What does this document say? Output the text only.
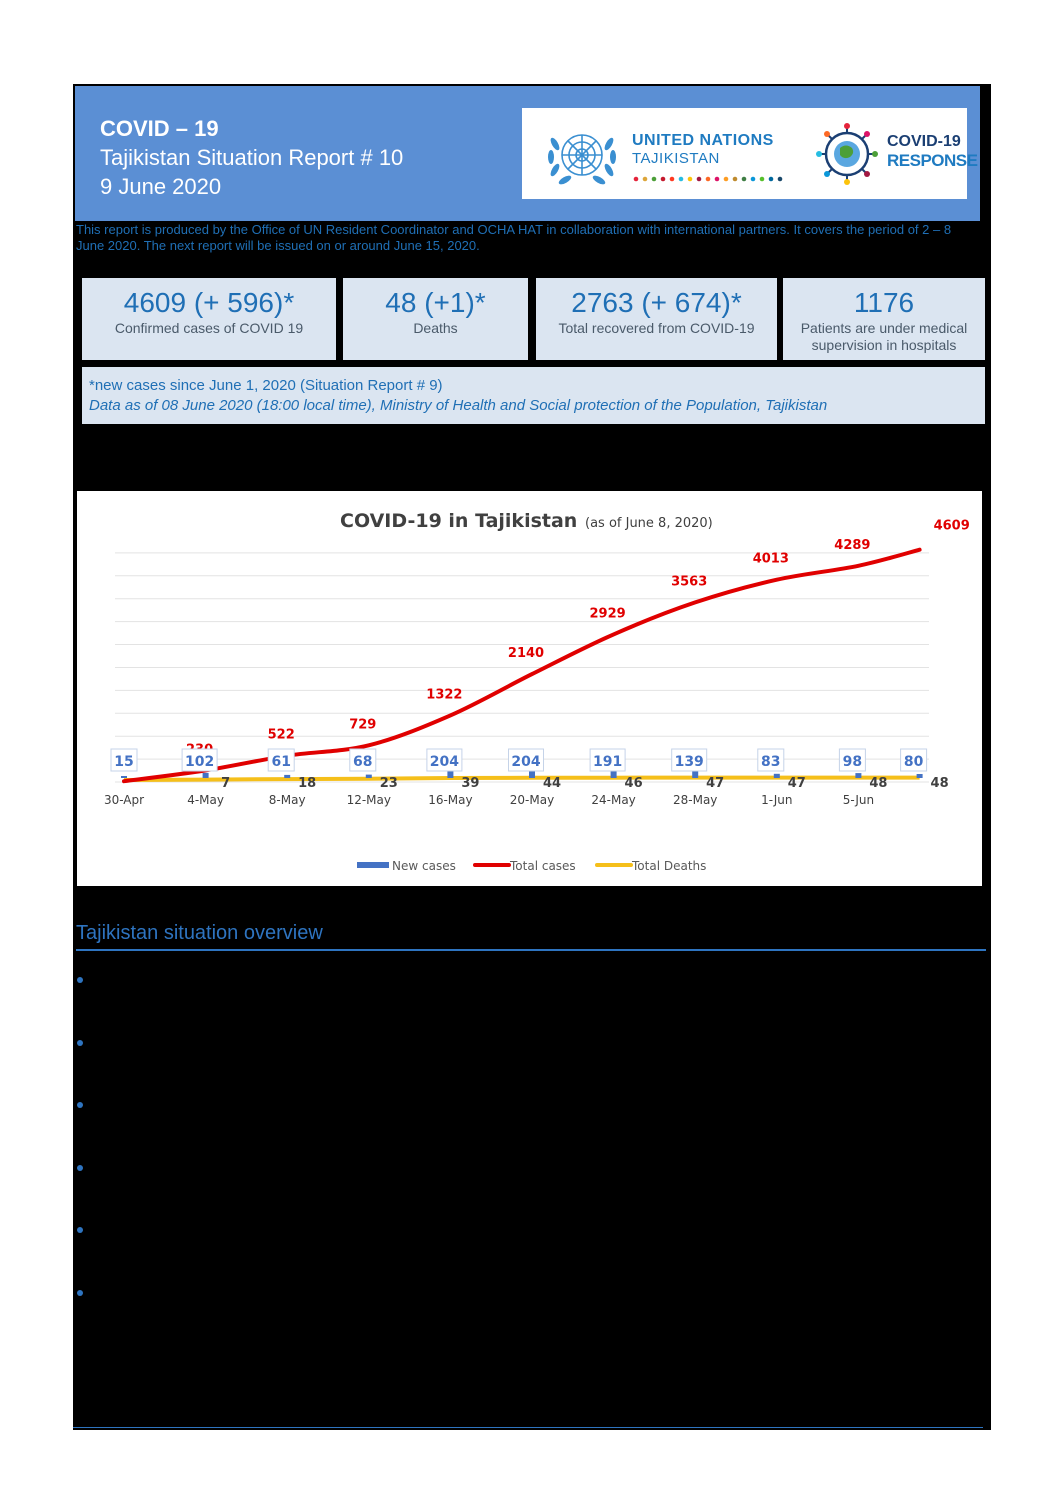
COVID – 19
Tajikistan Situation Report # 10
9 June 2020
UNITED NATIONS
TAJIKISTAN
COVID-19
RESPONSE
This report is produced by the Office of UN Resident Coordinator and OCHA HAT in collaboration with international partners. It covers the period of 2 – 8 June 2020. The next report will be issued on or around June 15, 2020.
4609 (+ 596)*
Confirmed cases of COVID 19
48 (+1)*
Deaths
2763 (+ 674)*
Total recovered from COVID-19
1176
Patients are under medical supervision in hospitals
*new cases since June 1, 2020 (Situation Report # 9)
Data as of 08 June 2020 (18:00 local time), Ministry of Health and Social protection of the Population, Tajikistan
COVID-19 in Tajikistan (as of June 8, 2020)
30-Apr	4-May	8-May	12-May	16-May	20-May	24-May	28-May	1-Jun	5-Jun
522
729
1322
2140
2929
3563
4013
4289
4609
15	102	61	68	204	204	191	139	83	98	80
7	18	23	39	44	46	47	47	48	48
New cases	Total cases	Total Deaths
Tajikistan situation overview
